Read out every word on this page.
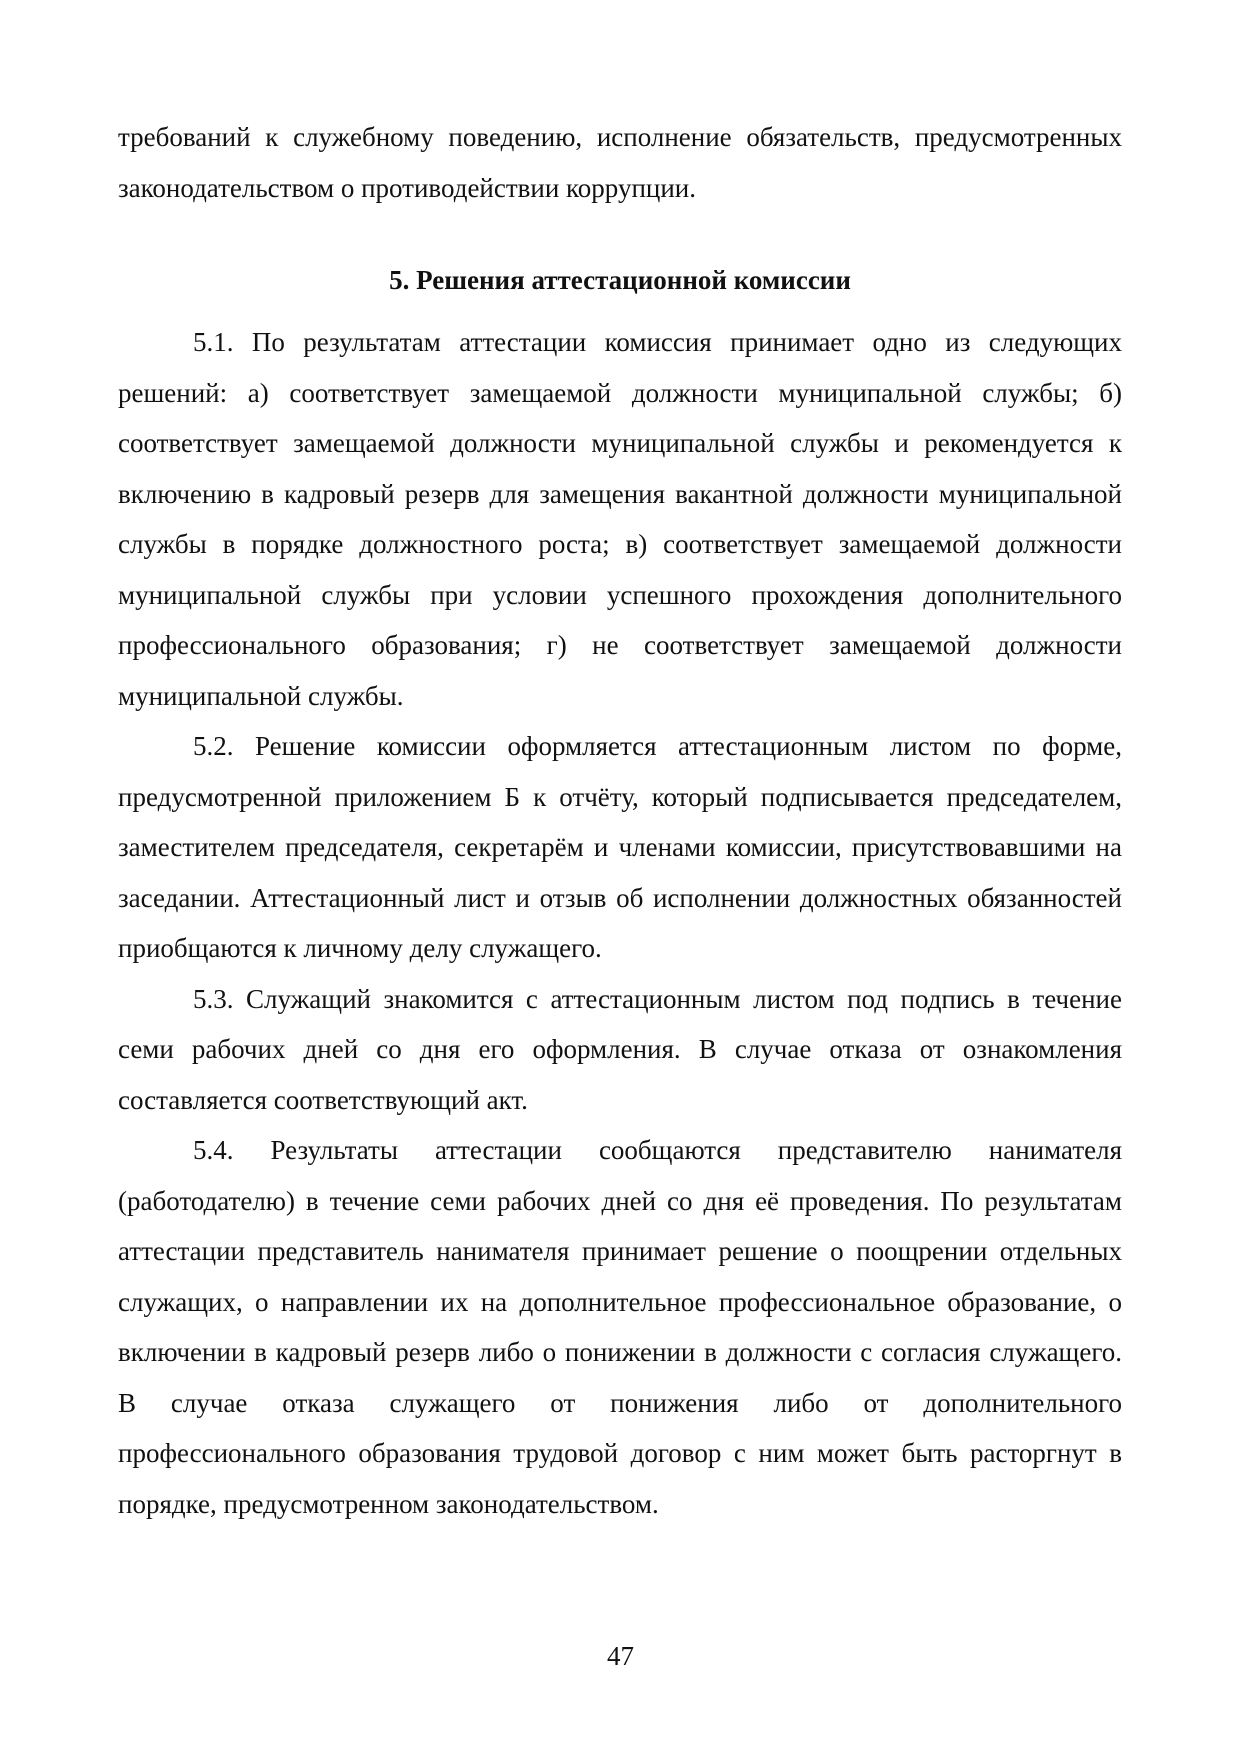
требований к служебному поведению, исполнение обязательств, предусмотренных законодательством о противодействии коррупции.

5. Решения аттестационной комиссии

5.1. По результатам аттестации комиссия принимает одно из следующих решений: а) соответствует замещаемой должности муниципальной службы; б) соответствует замещаемой должности муниципальной службы и рекомендуется к включению в кадровый резерв для замещения вакантной должности муниципальной службы в порядке должностного роста; в) соответствует замещаемой должности муниципальной службы при условии успешного прохождения дополнительного профессионального образования; г) не соответствует замещаемой должности муниципальной службы.

5.2. Решение комиссии оформляется аттестационным листом по форме, предусмотренной приложением Б к отчёту, который подписывается председателем, заместителем председателя, секретарём и членами комиссии, присутствовавшими на заседании. Аттестационный лист и отзыв об исполнении должностных обязанностей приобщаются к личному делу служащего.

5.3. Служащий знакомится с аттестационным листом под подпись в течение семи рабочих дней со дня его оформления. В случае отказа от ознакомления составляется соответствующий акт.

5.4. Результаты аттестации сообщаются представителю нанимателя (работодателю) в течение семи рабочих дней со дня её проведения. По результатам аттестации представитель нанимателя принимает решение о поощрении отдельных служащих, о направлении их на дополнительное профессиональное образование, о включении в кадровый резерв либо о понижении в должности с согласия служащего. В случае отказа служащего от понижения либо от дополнительного профессионального образования трудовой договор с ним может быть расторгнут в порядке, предусмотренном законодательством.

47
